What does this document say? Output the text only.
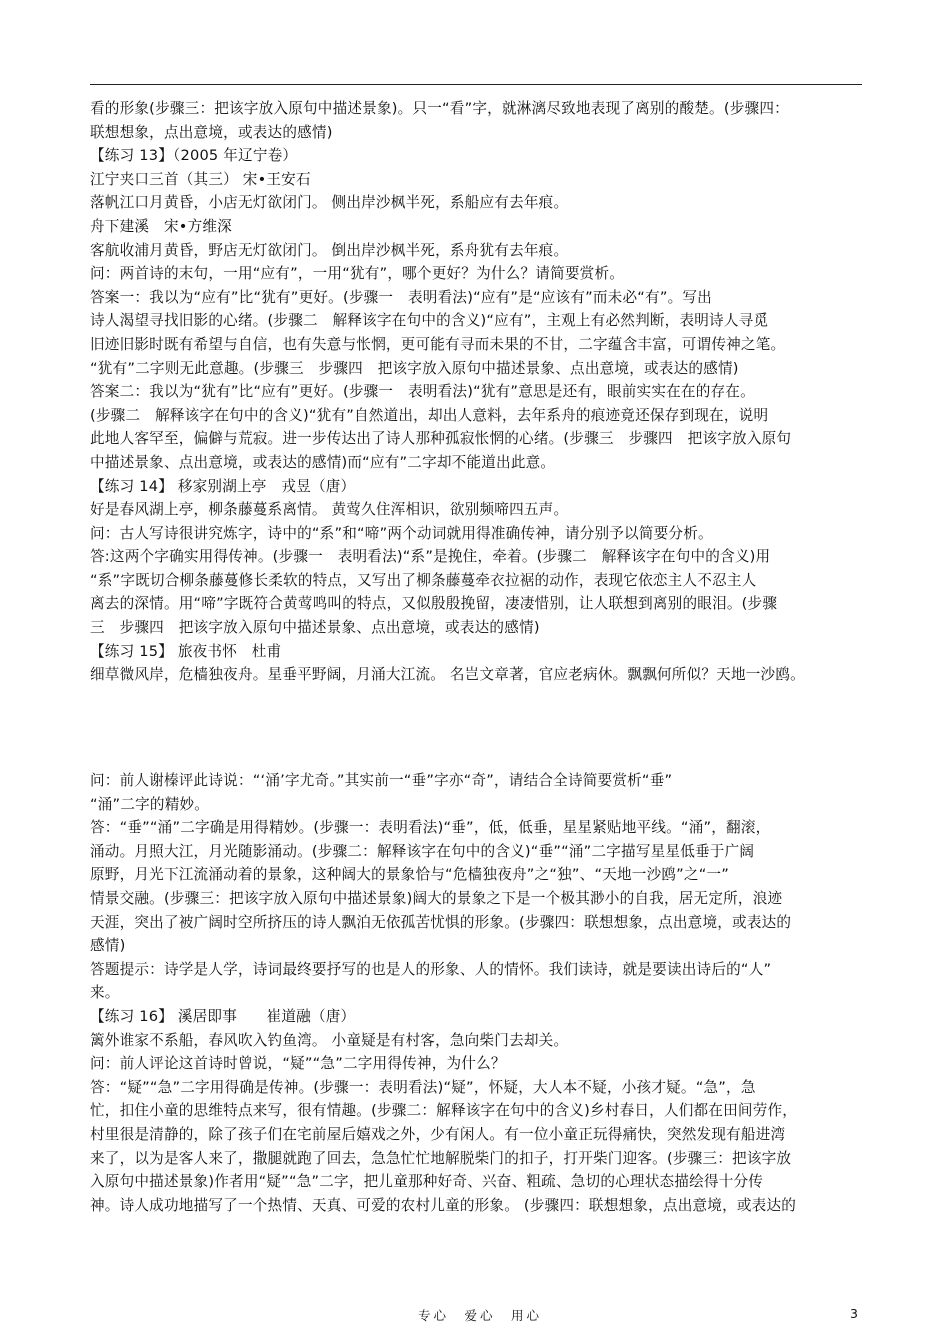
看的形象(步骤三：把该字放入原句中描述景象)。只一“看”字，就淋漓尽致地表现了离别的酸楚。(步骤四：
联想想象，点出意境，或表达的感情)
【练习 13】（2005 年辽宁卷）
江宁夹口三首（其三） 宋•王安石
落帆江口月黄昏，小店无灯欲闭门。 侧出岸沙枫半死，系船应有去年痕。
舟下建溪　宋•方维深
客航收浦月黄昏，野店无灯欲闭门。 倒出岸沙枫半死，系舟犹有去年痕。
问：两首诗的末句，一用“应有”，一用“犹有”，哪个更好？为什么？请简要赏析。
答案一：我以为“应有”比“犹有”更好。(步骤一　表明看法)“应有”是“应该有”而未必“有”。写出
诗人渴望寻找旧影的心绪。(步骤二　解释该字在句中的含义)“应有”，主观上有必然判断，表明诗人寻觅
旧迹旧影时既有希望与自信，也有失意与怅惘，更可能有寻而未果的不甘，二字蕴含丰富，可谓传神之笔。
“犹有”二字则无此意趣。(步骤三　步骤四　把该字放入原句中描述景象、点出意境，或表达的感情)
答案二：我以为“犹有”比“应有”更好。(步骤一　表明看法)“犹有”意思是还有，眼前实实在在的存在。
(步骤二　解释该字在句中的含义)“犹有”自然道出，却出人意料，去年系舟的痕迹竟还保存到现在，说明
此地人客罕至，偏僻与荒寂。进一步传达出了诗人那种孤寂怅惘的心绪。(步骤三　步骤四　把该字放入原句
中描述景象、点出意境，或表达的感情)而“应有”二字却不能道出此意。
【练习 14】 移家别湖上亭　戎昱（唐）
好是春风湖上亭，柳条藤蔓系离情。 黄莺久住浑相识，欲别频啼四五声。
问：古人写诗很讲究炼字，诗中的“系”和“啼”两个动词就用得准确传神，请分别予以简要分析。
答:这两个字确实用得传神。(步骤一　表明看法)“系”是挽住，牵着。(步骤二　解释该字在句中的含义)用
“系”字既切合柳条藤蔓修长柔软的特点，又写出了柳条藤蔓牵衣拉裾的动作，表现它依恋主人不忍主人
离去的深情。用“啼”字既符合黄莺鸣叫的特点，又似殷殷挽留，凄凄惜别，让人联想到离别的眼泪。(步骤
三　步骤四　把该字放入原句中描述景象、点出意境，或表达的感情)
【练习 15】 旅夜书怀　杜甫
细草微风岸，危樯独夜舟。星垂平野阔，月涌大江流。 名岂文章著，官应老病休。飘飘何所似？天地一沙鸥。
问：前人谢榛评此诗说：“‘涌’字尤奇。”其实前一“垂”字亦“奇”，请结合全诗简要赏析“垂”
“涌”二字的精妙。
答：“垂”“涌”二字确是用得精妙。(步骤一：表明看法)“垂”，低，低垂，星星紧贴地平线。“涌”，翻滚，
涌动。月照大江，月光随影涌动。(步骤二：解释该字在句中的含义)“垂”“涌”二字描写星星低垂于广阔
原野，月光下江流涌动着的景象，这种阔大的景象恰与“危樯独夜舟”之“独”、“天地一沙鸥”之“一”
情景交融。(步骤三：把该字放入原句中描述景象)阔大的景象之下是一个极其渺小的自我，居无定所，浪迹
天涯，突出了被广阔时空所挤压的诗人飘泊无依孤苦忧惧的形象。(步骤四：联想想象，点出意境，或表达的
感情)
答题提示：诗学是人学，诗词最终要抒写的也是人的形象、人的情怀。我们读诗，就是要读出诗后的“人”
来。
【练习 16】 溪居即事　　崔道融（唐）
篱外谁家不系船，春风吹入钓鱼湾。 小童疑是有村客，急向柴门去却关。
问：前人评论这首诗时曾说，“疑”“急”二字用得传神，为什么？
答：“疑”“急”二字用得确是传神。(步骤一：表明看法)“疑”，怀疑，大人本不疑，小孩才疑。“急”，急
忙，扣住小童的思维特点来写，很有情趣。(步骤二：解释该字在句中的含义)乡村春日，人们都在田间劳作，
村里很是清静的，除了孩子们在宅前屋后嬉戏之外，少有闲人。有一位小童正玩得痛快，突然发现有船进湾
来了，以为是客人来了，撒腿就跑了回去，急急忙忙地解脱柴门的扣子，打开柴门迎客。(步骤三：把该字放
入原句中描述景象)作者用“疑”“急”二字，把儿童那种好奇、兴奋、粗疏、急切的心理状态描绘得十分传
神。诗人成功地描写了一个热情、天真、可爱的农村儿童的形象。 (步骤四：联想想象，点出意境，或表达的
专心　爱心　用心	3
